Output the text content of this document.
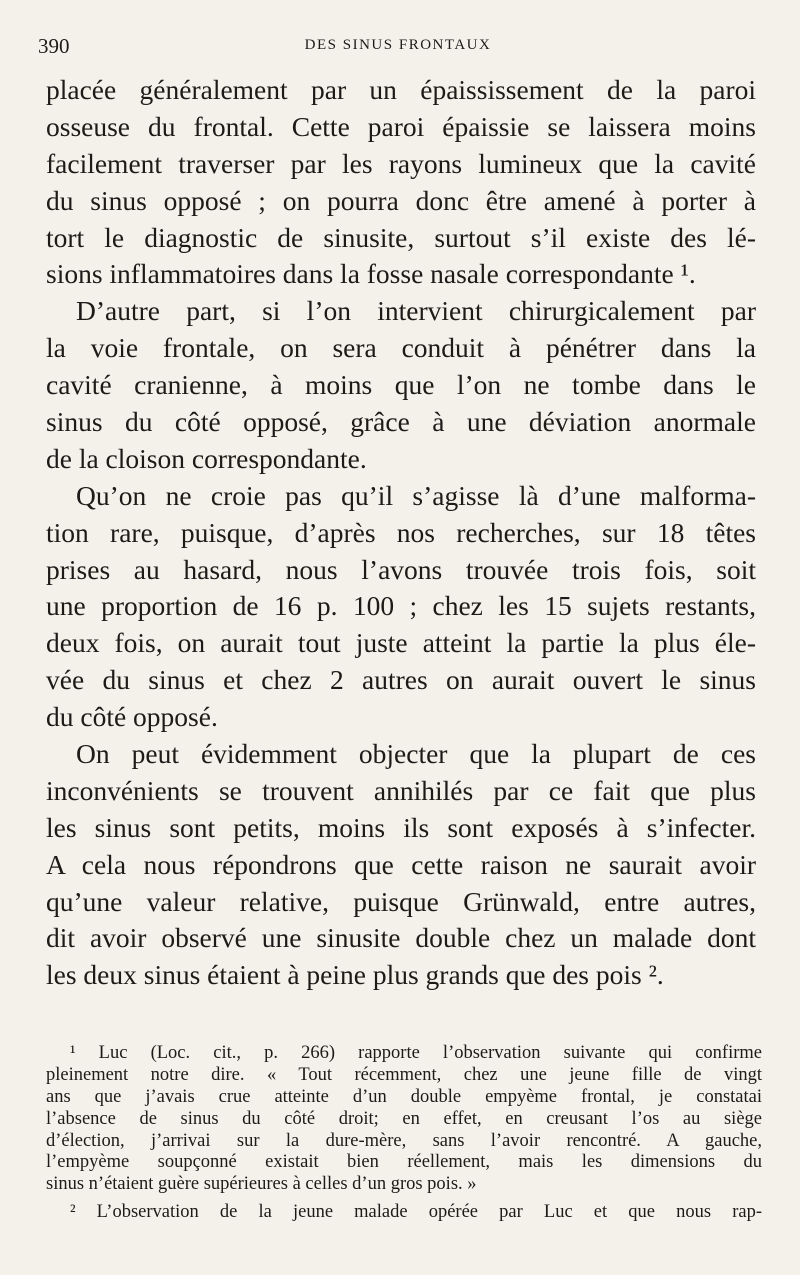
390	DES SINUS FRONTAUX
placée généralement par un épaississement de la paroi
osseuse du frontal. Cette paroi épaissie se laissera moins
facilement traverser par les rayons lumineux que la cavité
du sinus opposé ; on pourra donc être amené à porter à
tort le diagnostic de sinusite, surtout s’il existe des lé-
sions inflammatoires dans la fosse nasale correspondante ¹.
D’autre part, si l’on intervient chirurgicalement par
la voie frontale, on sera conduit à pénétrer dans la
cavité cranienne, à moins que l’on ne tombe dans le
sinus du côté opposé, grâce à une déviation anormale
de la cloison correspondante.
Qu’on ne croie pas qu’il s’agisse là d’une malforma-
tion rare, puisque, d’après nos recherches, sur 18 têtes
prises au hasard, nous l’avons trouvée trois fois, soit
une proportion de 16 p. 100 ; chez les 15 sujets restants,
deux fois, on aurait tout juste atteint la partie la plus éle-
vée du sinus et chez 2 autres on aurait ouvert le sinus
du côté opposé.
On peut évidemment objecter que la plupart de ces
inconvénients se trouvent annihilés par ce fait que plus
les sinus sont petits, moins ils sont exposés à s’infecter.
A cela nous répondrons que cette raison ne saurait avoir
qu’une valeur relative, puisque Grünwald, entre autres,
dit avoir observé une sinusite double chez un malade dont
les deux sinus étaient à peine plus grands que des pois ².
¹ Luc (Loc. cit., p. 266) rapporte l’observation suivante qui confirme
pleinement notre dire. « Tout récemment, chez une jeune fille de vingt
ans que j’avais crue atteinte d’un double empyème frontal, je constatai
l’absence de sinus du côté droit; en effet, en creusant l’os au siège
d’élection, j’arrivai sur la dure-mère, sans l’avoir rencontré. A gauche,
l’empyème soupçonné existait bien réellement, mais les dimensions du
sinus n’étaient guère supérieures à celles d’un gros pois. »
² L’observation de la jeune malade opérée par Luc et que nous rap-
